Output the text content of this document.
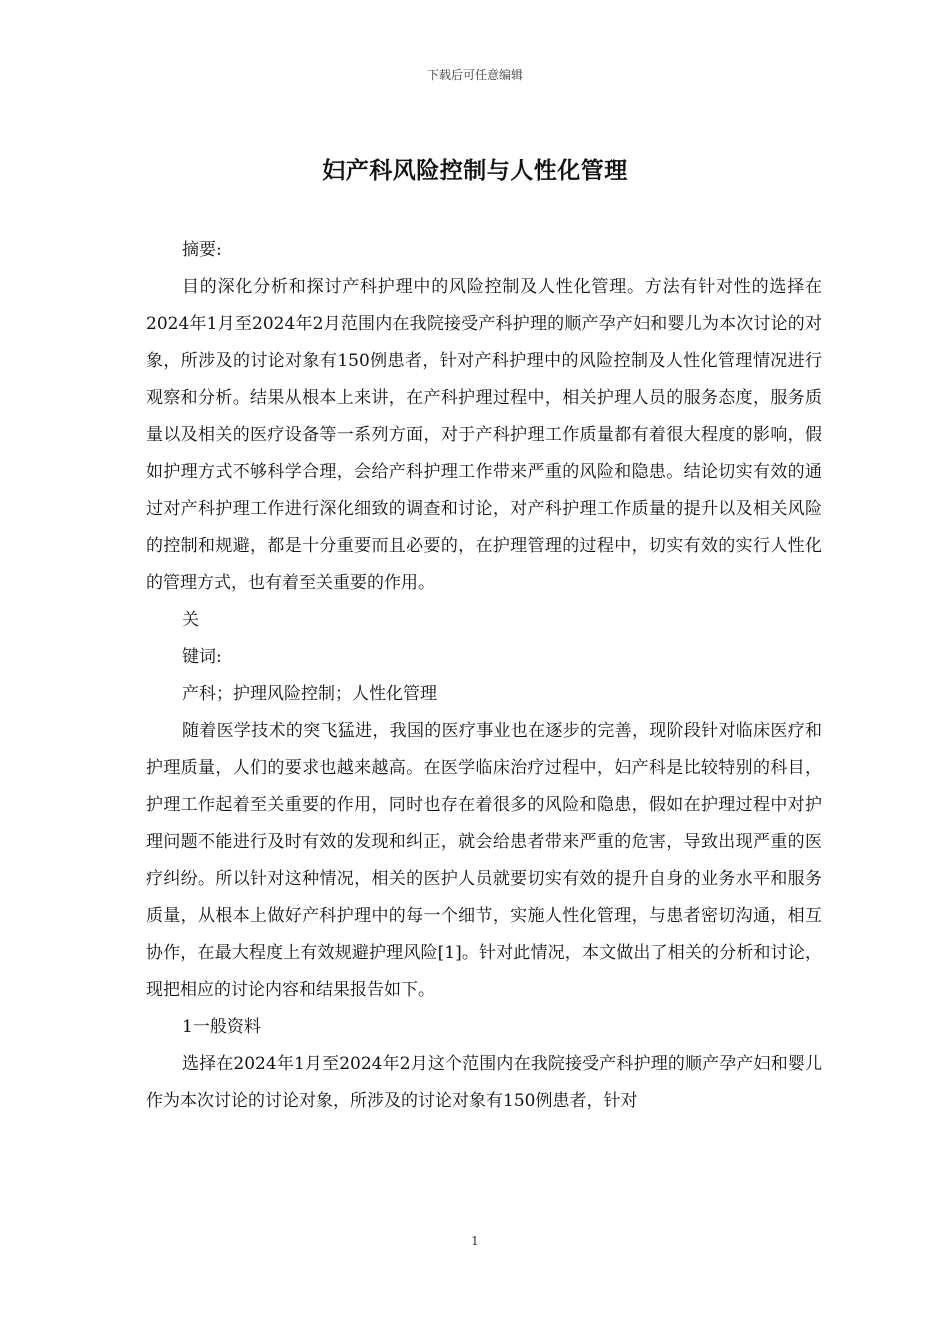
下载后可任意编辑
妇产科风险控制与人性化管理

摘要:

目的深化分析和探讨产科护理中的风险控制及人性化管理。方法有针对性的选择在2024年1月至2024年2月范围内在我院接受产科护理的顺产孕产妇和婴儿为本次讨论的对象，所涉及的讨论对象有150例患者，针对产科护理中的风险控制及人性化管理情况进行观察和分析。结果从根本上来讲，在产科护理过程中，相关护理人员的服务态度，服务质量以及相关的医疗设备等一系列方面，对于产科护理工作质量都有着很大程度的影响，假如护理方式不够科学合理，会给产科护理工作带来严重的风险和隐患。结论切实有效的通过对产科护理工作进行深化细致的调查和讨论，对产科护理工作质量的提升以及相关风险的控制和规避，都是十分重要而且必要的，在护理管理的过程中，切实有效的实行人性化的管理方式，也有着至关重要的作用。

关

键词:

产科；护理风险控制；人性化管理

随着医学技术的突飞猛进，我国的医疗事业也在逐步的完善，现阶段针对临床医疗和护理质量，人们的要求也越来越高。在医学临床治疗过程中，妇产科是比较特别的科目，护理工作起着至关重要的作用，同时也存在着很多的风险和隐患，假如在护理过程中对护理问题不能进行及时有效的发现和纠正，就会给患者带来严重的危害，导致出现严重的医疗纠纷。所以针对这种情况，相关的医护人员就要切实有效的提升自身的业务水平和服务质量，从根本上做好产科护理中的每一个细节，实施人性化管理，与患者密切沟通，相互协作，在最大程度上有效规避护理风险[1]。针对此情况，本文做出了相关的分析和讨论，现把相应的讨论内容和结果报告如下。

1一般资料

选择在2024年1月至2024年2月这个范围内在我院接受产科护理的顺产孕产妇和婴儿作为本次讨论的讨论对象，所涉及的讨论对象有150例患者，针对

1
